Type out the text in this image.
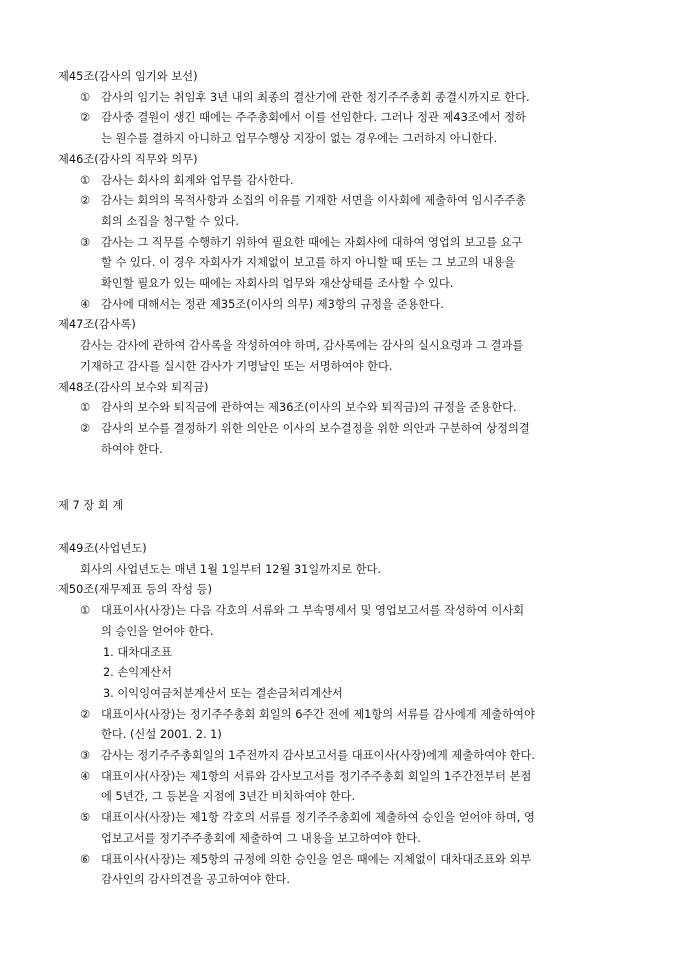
제45조(감사의 임기와 보선)
① 감사의 임기는 취임후 3년 내의 최종의 결산기에 관한 정기주주총회 종결시까지로 한다.
② 감사중 결원이 생긴 때에는 주주총회에서 이를 선임한다. 그러나 정관 제43조에서 정하
는 원수를 결하지 아니하고 업무수행상 지장이 없는 경우에는 그러하지 아니한다.
제46조(감사의 직무와 의무)
① 감사는 회사의 회계와 업무를 감사한다.
② 감사는 회의의 목적사항과 소집의 이유를 기재한 서면을 이사회에 제출하여 임시주주총
회의 소집을 청구할 수 있다.
③ 감사는 그 직무를 수행하기 위하여 필요한 때에는 자회사에 대하여 영업의 보고를 요구
할 수 있다. 이 경우 자회사가 지체없이 보고를 하지 아니할 때 또는 그 보고의 내용을
확인할 필요가 있는 때에는 자회사의 업무와 재산상태를 조사할 수 있다.
④ 감사에 대해서는 정관 제35조(이사의 의무) 제3항의 규정을 준용한다.
제47조(감사록)
감사는 감사에 관하여 감사록을 작성하여야 하며, 감사록에는 감사의 실시요령과 그 결과를
기재하고 감사를 실시한 감사가 기명날인 또는 서명하여야 한다.
제48조(감사의 보수와 퇴직금)
① 감사의 보수와 퇴직금에 관하여는 제36조(이사의 보수와 퇴직금)의 규정을 준용한다.
② 감사의 보수를 결정하기 위한 의안은 이사의 보수결정을 위한 의안과 구분하여 상정의결
하여야 한다.
제 7 장 회 계
제49조(사업년도)
회사의 사업년도는 매년 1월 1일부터 12월 31일까지로 한다.
제50조(재무제표 등의 작성 등)
① 대표이사(사장)는 다음 각호의 서류와 그 부속명세서 및 영업보고서를 작성하여 이사회
의 승인을 얻어야 한다.
1. 대차대조표
2. 손익계산서
3. 이익잉여금처분계산서 또는 결손금처리계산서
② 대표이사(사장)는 정기주주총회 회일의 6주간 전에 제1항의 서류를 감사에게 제출하여야
한다. (신설 2001. 2. 1)
③ 감사는 정기주주총회일의 1주전까지 감사보고서를 대표이사(사장)에게 제출하여야 한다.
④ 대표이사(사장)는 제1항의 서류와 감사보고서를 정기주주총회 회일의 1주간전부터 본점
에 5년간, 그 등본을 지점에 3년간 비치하여야 한다.
⑤ 대표이사(사장)는 제1항 각호의 서류를 정기주주총회에 제출하여 승인을 얻어야 하며, 영
업보고서를 정기주주총회에 제출하여 그 내용을 보고하여야 한다.
⑥ 대표이사(사장)는 제5항의 규정에 의한 승인을 얻은 때에는 지체없이 대차대조표와 외부
감사인의 감사의견을 공고하여야 한다.
